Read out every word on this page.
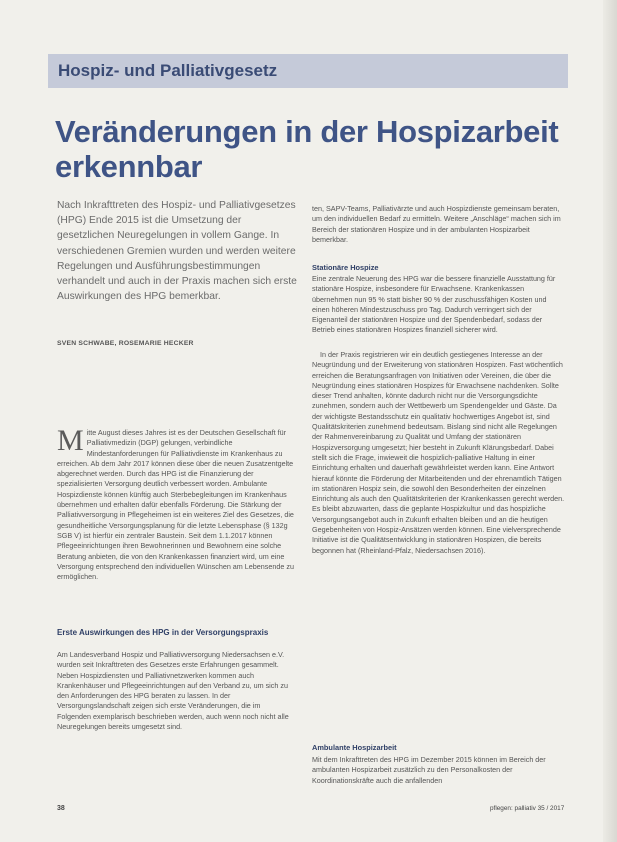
Hospiz- und Palliativgesetz
Veränderungen in der Hospizarbeit
erkennbar

Nach Inkrafttreten des Hospiz- und Palliativgesetzes (HPG) Ende 2015 ist die Umsetzung der gesetzlichen Neuregelungen in vollem Gange. In verschiedenen Gremien wurden und werden weitere Regelungen und Ausführungsbestimmungen verhandelt und auch in der Praxis machen sich erste Auswirkungen des HPG bemerkbar.

SVEN SCHWABE, ROSEMARIE HECKER
M itte August dieses Jahres ist es der Deutschen Gesellschaft für Palliativmedizin (DGP) gelungen, verbindliche Mindestanforderungen für Palliativdienste im Krankenhaus zu erreichen. Ab dem Jahr 2017 können diese über die neuen Zusatzentgelte abgerechnet werden. Durch das HPG ist die Finanzierung der spezialisierten Versorgung deutlich verbessert worden. Ambulante Hospizdienste können künftig auch Sterbebegleitungen im Krankenhaus übernehmen und erhalten dafür ebenfalls Förderung. Die Stärkung der Palliativversorgung in Pflegeheimen ist ein weiteres Ziel des Gesetzes, die gesundheitliche Versorgungsplanung für die letzte Lebensphase (§ 132g SGB V) ist hierfür ein zentraler Baustein. Seit dem 1.1.2017 können Pflegeeinrichtungen ihren Bewohnerinnen und Bewohnern eine solche Beratung anbieten, die von den Krankenkassen finanziert wird, um eine Versorgung entsprechend den individuellen Wünschen am Lebensende zu ermöglichen.
Erste Auswirkungen des HPG in der Versorgungspraxis

Am Landesverband Hospiz und Palliativversorgung Niedersachsen e.V. wurden seit Inkrafttreten des Gesetzes erste Erfahrungen gesammelt. Neben Hospizdiensten und Palliativnetzwerken kommen auch Krankenhäuser und Pflegeeinrichtungen auf den Verband zu, um sich zu den Anforderungen des HPG beraten zu lassen. In der Versorgungslandschaft zeigen sich erste Veränderungen, die im Folgenden exemplarisch beschrieben werden, auch wenn noch nicht alle Neuregelungen bereits umgesetzt sind.

ten, SAPV-Teams, Palliativärzte und auch Hospizdienste gemeinsam beraten, um den individuellen Bedarf zu ermitteln. Weitere „Anschläge“ machen sich im Bereich der stationären Hospize und in der ambulanten Hospizarbeit bemerkbar.

Stationäre Hospize

Eine zentrale Neuerung des HPG war die bessere finanzielle Ausstattung für stationäre Hospize, insbesondere für Erwachsene. Krankenkassen übernehmen nun 95 % statt bisher 90 % der zuschussfähigen Kosten und einen höheren Mindestzuschuss pro Tag. Dadurch verringert sich der Eigenanteil der stationären Hospize und der Spendenbedarf, sodass der Betrieb eines stationären Hospizes finanziell sicherer wird.

In der Praxis registrieren wir ein deutlich gestiegenes Interesse an der Neugründung und der Erweiterung von stationären Hospizen. Fast wöchentlich erreichen die Beratungsanfragen von Initiativen oder Vereinen, die über die Neugründung eines stationären Hospizes für Erwachsene nachdenken. Sollte dieser Trend anhalten, könnte dadurch nicht nur die Versorgungsdichte zunehmen, sondern auch der Wettbewerb um Spendengelder und Gäste. Da der wichtigste Bestandsschutz ein qualitativ hochwertiges Angebot ist, sind Qualitätskriterien zunehmend bedeutsam. Bislang sind nicht alle Regelungen der Rahmenvereinbarung zu Qualität und Umfang der stationären Hospizversorgung umgesetzt; hier besteht in Zukunft Klärungsbedarf. Dabei stellt sich die Frage, inwieweit die hospizlich-palliative Haltung in einer Einrichtung erhalten und dauerhaft gewährleistet werden kann. Eine Antwort hierauf könnte die Förderung der Mitarbeitenden und der ehrenamtlich Tätigen im stationären Hospiz sein, die sowohl den Besonderheiten der einzelnen Einrichtung als auch den Qualitätskriterien der Krankenkassen gerecht werden. Es bleibt abzuwarten, dass die geplante Hospizkultur und das hospizliche Versorgungsangebot auch in Zukunft erhalten bleiben und an die heutigen Gegebenheiten von Hospiz-Ansätzen werden können. Eine vielversprechende Initiative ist die Qualitätsentwicklung in stationären Hospizen, die bereits begonnen hat (Rheinland-Pfalz, Niedersachsen 2016).

Ambulante Hospizarbeit

Mit dem Inkrafttreten des HPG im Dezember 2015 können im Bereich der ambulanten Hospizarbeit zusätzlich zu den Personalkosten der Koordinationskräfte auch die anfallenden

38	pflegen: palliativ 35 / 2017
